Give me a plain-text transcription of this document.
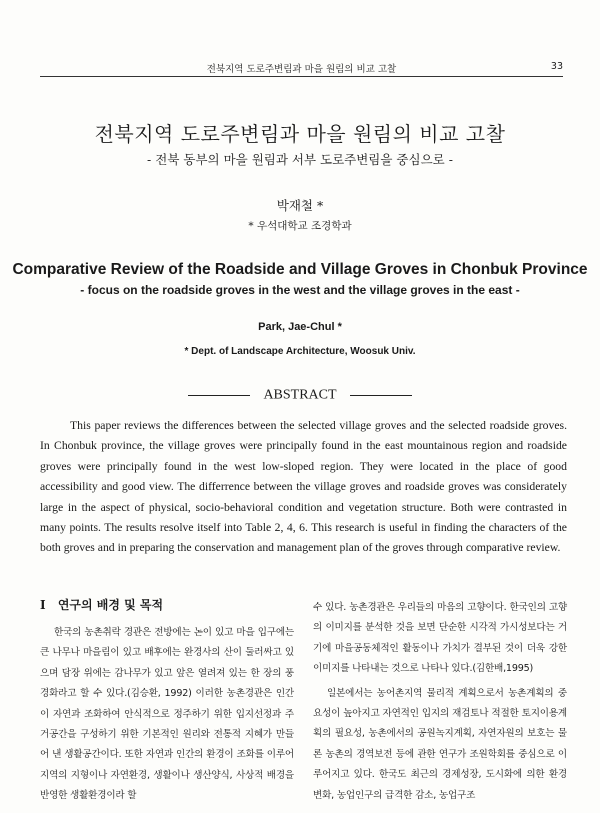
전북지역 도로주변림과 마을 원림의 비교 고찰	33
전북지역 도로주변림과 마을 원림의 비교 고찰
- 전북 동부의 마을 원림과 서부 도로주변림을 중심으로 -
박재철 *
* 우석대학교 조경학과
Comparative Review of the Roadside and Village Groves in Chonbuk Province
- focus on the roadside groves in the west and the village groves in the east -
Park, Jae-Chul *
* Dept. of Landscape Architecture, Woosuk Univ.
ABSTRACT

This paper reviews the differences between the selected village groves and the selected roadside groves. In Chonbuk province, the village groves were principally found in the east mountainous region and roadside groves were principally found in the west low-sloped region. They were located in the place of good accessibility and good view. The differrence between the village groves and roadside groves was considerately large in the aspect of physical, socio-behavioral condition and vegetation structure. Both were contrasted in many points. The results resolve itself into Table 2, 4, 6. This research is useful in finding the characters of the both groves and in preparing the conservation and management plan of the groves through comparative review.

I 연구의 배경 및 목적

한국의 농촌취락 경관은 전방에는 논이 있고 마을 입구에는 큰 나무나 마을림이 있고 배후에는 완경사의 산이 둘러싸고 있으며 담장 위에는 감나무가 있고 앞은 열려져 있는 한 장의 풍경화라고 할 수 있다.(김승환, 1992) 이러한 농촌경관은 인간이 자연과 조화하여 안식적으로 정주하기 위한 입지선정과 주거공간을 구성하기 위한 기본적인 원리와 전통적 지혜가 만들어 낸 생활공간이다. 또한 자연과 인간의 환경이 조화를 이루어 지역의 지형이나 자연환경, 생활이나 생산양식, 사상적 배경을 반영한 생활환경이라 할

수 있다. 농촌경관은 우리들의 마음의 고향이다. 한국인의 고향의 이미지를 분석한 것을 보면 단순한 시각적 가시성보다는 거기에 마을공동체적인 활동이나 가치가 결부된 것이 더욱 강한 이미지를 나타내는 것으로 나타나 있다.(김한배,1995)

일본에서는 농어촌지역 물리적 계획으로서 농촌계획의 중요성이 높아지고 자연적인 입지의 재검토나 적절한 토지이용계획의 필요성, 농촌에서의 공원녹지계획, 자연자원의 보호는 물론 농촌의 경역보전 등에 관한 연구가 조원학회를 중심으로 이루어지고 있다. 한국도 최근의 경제성장, 도시화에 의한 환경 변화, 농업인구의 급격한 감소, 농업구조
